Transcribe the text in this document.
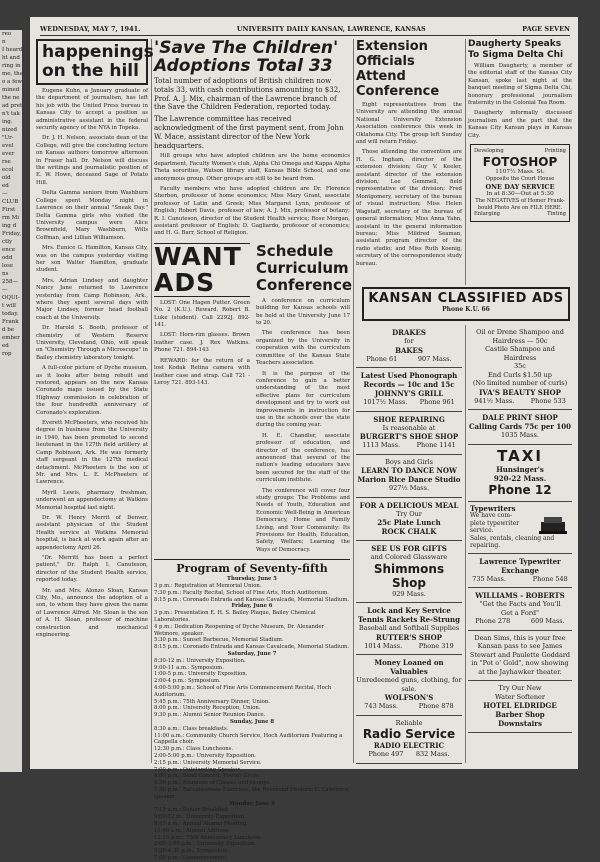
reo
n
I heard
ht and
ring in
me, the
o a few
mined
the ne
ad pret
n't tak
ing.
nized
"Ur-
evel
ever
rse
ecol
old
ed
—
CLUB
First
rm Mi
ing d
Friday,
ctly
ence
odd
lose
ns
258—
—
OQUI-
t will
today.
Frank
d be
ember
ed
rop
WEDNESDAY, MAY 7, 1941.	UNIVERSITY DAILY KANSAN, LAWRENCE, KANSAS	PAGE SEVEN
happenings
on the hill

Eugene Kuhn, a January graduate of the department of journalism, has left his job with the United Press bureau in Kansas City to accept a position as administrative assistant in the federal security agency of the NYA in Topeka.

Dr. J. H. Nelson, associate dean of the College, will give the concluding lecture on Kansas authors tomorrow afternoon in Fraser hall. Dr. Nelson will discuss the writings and journalistic position of E. W. Howe, deceased Sage of Potato Hill.

Delta Gamma seniors from Washburn College spent Monday night in Lawrence on their annual "Sneak Day." Delta Gamma girls who visited the University campus were Alice Brownfield, Mary Washburn, Wills Coffman, and Lillian Williamson.

Mrs. Eunice G. Hamilton, Kansas City, was on the campus yesterday visiting her son Walter Hamilton, graduate student.

Mrs. Adrian Lindsey and daughter Nancy Jane returned to Lawrence yesterday from Camp Robinson, Ark., where they spent several days with Major Lindsey, former head football coach at the University.

Dr. Harold S. Booth, professor of chemistry of Western Reserve University, Cleveland, Ohio, will speak on "Chemistry Through a Microscope" in Bailey chemistry laboratory tonight.

A full-color picture of Dyche museum, as it looks after being rebuilt and restored, appears on the new Kansas Coronado maps issued by the State Highway commission in celebration of the four hundredth anniversary of Coronado's exploration.

Everett McPheeters, who received his degree in business from the University in 1940, has been promoted to second lieutenant in the 127th field artillery at Camp Robinson, Ark. He was formerly staff sergeant in the 127th medical detachment. McPheeters is the son of Mr. and Mrs. L. E. McPheeters of Lawrence.

Myrll Lewis, pharmacy freshman, underwent an appendectomy at Watkins Memorial hospital last night.

Dr. W. Henry Merrit of Denver, assistant physician of the Student Health service at Watkins Memorial hospital, is back at work again after an appendectomy April 26.

"Dr. Merritt has been a perfect patient," Dr. Ralph I. Canuteson, director of the Student Health service, reported today.

Mr. and Mrs. Alonzo Sloan, Kansas City, Mo., announce the adoption of a son, to whom they have given the name of Lawrence Alfred. Mr. Sloan is the son of A. H. Sloan, professor of machine construction and mechanical engineering.

'Save The Children' Adoptions Total 33

Total number of adoptions of British children now totals 33, with cash contributions amounting to $32, Prof. A. J. Mix, chairman of the Lawrence branch of the Save the Children Federation, reported today.

The Lawrence committee has received acknowledgment of the first payment sent, from John W. Mace, assistant director of the New York headquarters.

Hill groups who have adopted children are the home economics department, Faculty Women's club, Alpha Chi Omega and Kappa Alpha Theta sororities, Watson library staff, Kansas Bible School, and one anonymous group. Other groups are still to be heard from.

Faculty members who have adopted children are Dr. Florence Sherbon, professor of home economics; Miss Mary Grant, associate professor of Latin and Greek; Miss Margaret Lynn, professor of English; Robert Davis, professor of law; A. J. Mix, professor of botany; R. I. Canuteson, director of the Student Health service; Rose Morgan, assistant professor of English; D. Gagliardo, professor of economics; and H. G. Barr, School of Religion.

WANT ADS

LOST: One Hagen Putter. Green No. 2 (K.U.). Reward. Robert B. Luke (student). Call 2292J. 892-141.

LOST: Horn-rim glasses. Brown leather case. J. Rex Watkins. Phone 721. 894-143

REWARD: for the return of a lost Kodak Retina camera with leather case and strap. Call 721 - Leroy 721. 893-143.

Schedule Curriculum Conference

A conference on curriculum building for Kansas schools will be held at the University June 17 to 20.

The conference has been organized by the University in cooperation with the curriculum committee of the Kansas State Teachers association.

It is the purpose of the conference to gain a better understanding of the most effective plans for curriculum development and try to work out improvements in instruction for use in the schools over the state during the coming year.

H. E. Chandler, associate professor of education, and director of the conference, has announced that several of the nation's leading educators have been secured for the staff of the curriculum institute.

The conference will cover four study groups: The Problems and Needs of Youth, Education and Economic Well-Being in American Democracy, Home and Family Living, and Your Community: Its Provisions for Health, Education, Safety, Welfare; Learning the Ways of Democracy.

Program of Seventy-fifth

Thursday, June 5

3 p.m.: Registration at Memorial Union.

7:30 p.m.: Faculty Recital, School of Fine Arts, Hoch Auditorium.

8:15 p.m.: Coronado Entrada and Kansas Cavalcade, Memorial Stadium.

Friday, June 6

3 p.m.: Presentation E. H. S. Bailey Plaque, Bailey Chemical Laboratories.

4 p.m.: Dedication Reopening of Dyche Museum, Dr. Alexander Wetmore, speaker.

5:30 p.m.: Sunset Barbecue, Memorial Stadium.

8:15 p.m.: Coronado Entrada and Kansas Cavalcade, Memorial Stadium.

Saturday, June 7

8:30-12 m.: University Exposition.

9:00-11 a.m.: Symposium.

1:00-5 p.m.: University Exposition.

2:00-4 p.m.: Symposium.

4:00-5:00 p.m.: School of Fine Arts Commencement Recital, Hoch Auditorium.

5:45 p.m.: 75th Anniversary Dinner, Union.

8:00 p.m.: University Reception, Union.

9:30 p.m.: Alumni Senior Reunion Dance.

Sunday, June 8

8:30 a.m.: Class breakfasts.

11:00 a.m.: Community Church Service, Hoch Auditorium Featuring a Cappella choir.

12:30 p.m.: Class Luncheons.

2:00-5:00 p.m.: University Exposition.

2:15 p.m.: University Memorial Service.

7:00 p.m.: Outstanding Speaker.

4:00 p.m.: Band Concert, Fowler Grove.

4:30 p.m.: Reunions of Classes and Groups.

7:30 p.m.: Baccalaureate Exercises, the Reverend Frederic C. Lawrence, speaker.

Monday, June 9

7:15 a.m.: Senior Breakfast.

9:00-12 m.: University Exposition.

9:45 a.m.: Annual Alumni Meeting.

11:00 a.m.: Alumni Address.

12:15 p.m.: 75th Anniversary Luncheon.

2:00-3:00 p.m.: University Exposition.

3:30-4:30 p.m.: Symposium.

7:00 p.m.: Commencement.

Extension Officials Attend Conference

Eight representatives from the University are attending the annual National University Extension Association conference this week in Oklahoma City. The group left Sunday and will return Friday.

Those attending the convention are H. G. Ingham, director of the extension division; Guy V. Keeler, assistant director of the extension division; Lee Gemmell, field representative of the division; Fred Montgomery, secretary of the bureau of visual instruction; Miss Helen Wagstaff, secretary of the bureau of general information; Miss Anna Yahn, assistant in the general information bureau; Miss Mildred Seaman, assistant program director of the radio studio; and Miss Ruth Koenig, secretary of the correspondence study bureau.

Daugherty Speaks To Sigma Delta Chi

William Daugherty, a member of the editorial staff of the Kansas City Kansan, spoke last night at the banquet meeting of Sigma Delta Chi, honorary professional journalism fraternity in the Colonial Tea Room.

Daugherty informally discussed journalism and the part that the Kansas City Kansan plays in Kansas City.

Developing	Printing
FOTOSHOP
1107½ Mass. St.
Opposite the Court House
ONE DAY SERVICE
In at 8:30—Out at 5:30
The NEGATIVES of Homer Frank-bould Photo Are on FILE HERE.
Enlarging	Tinting
KANSAN CLASSIFIED ADS
Phone K.U. 66
DRAKES
for
BAKES
Phone 61          907 Mass.
Latest Used Phonograph
Records — 10c and 15c
JOHNNY'S GRILL
1017½ Mass.      Phone 961
SHOE REPAIRING
Is reasonable at
BURGERT'S SHOE SHOP
1113 Mass.        Phone 1141
Boys and Girls
LEARN TO DANCE NOW
Marion Rice Dance Studio
927½ Mass.
FOR A DELICIOUS MEAL
Try Our
25c Plate Lunch
ROCK CHALK
SEE US FOR GIFTS
and Colored Glassware
Shimmons Shop
929 Mass.
Lock and Key Service
Tennis Rackets Re-Strung
Baseball and Softball Supplies
RUTTER'S SHOP
1014 Mass.        Phone 319
Money Loaned on Valuables
Unredeemed guns, clothing, for sale.
WOLFSON'S
743 Mass.          Phone 878
Reliable
Radio Service
RADIO ELECTRIC
Phone 497      832 Mass.
Oil or Drene Shampoo and
Hairdress — 50c
Castile Shampoo and Hairdress
35c
End Curls $1.50 up
(No limited number of curls)
IVA'S BEAUTY SHOP
941½ Mass.        Phone 533
DALE PRINT SHOP
Calling Cards 75c per 100
1035 Mass.
TAXI
Hunsinger's
920-22 Mass.
Phone 12
Typewriters
We have com-
plete typewriter
service.
Sales, rentals, cleaning and
repairing.
Lawrence Typewriter Exchange
735 Mass.             Phone 548
WILLIAMS - ROBERTS
"Get the Facts and You'll
Get a Ford"
Phone 278          609 Mass.
Dean Sims, this is your free Kansan pass to see James Stewart and Paulette Goddard in "Pot o' Gold", now showing at the Jayhawker theater.
Try Our New
Water Softener
HOTEL ELDRIDGE
Barber Shop
Downstairs
